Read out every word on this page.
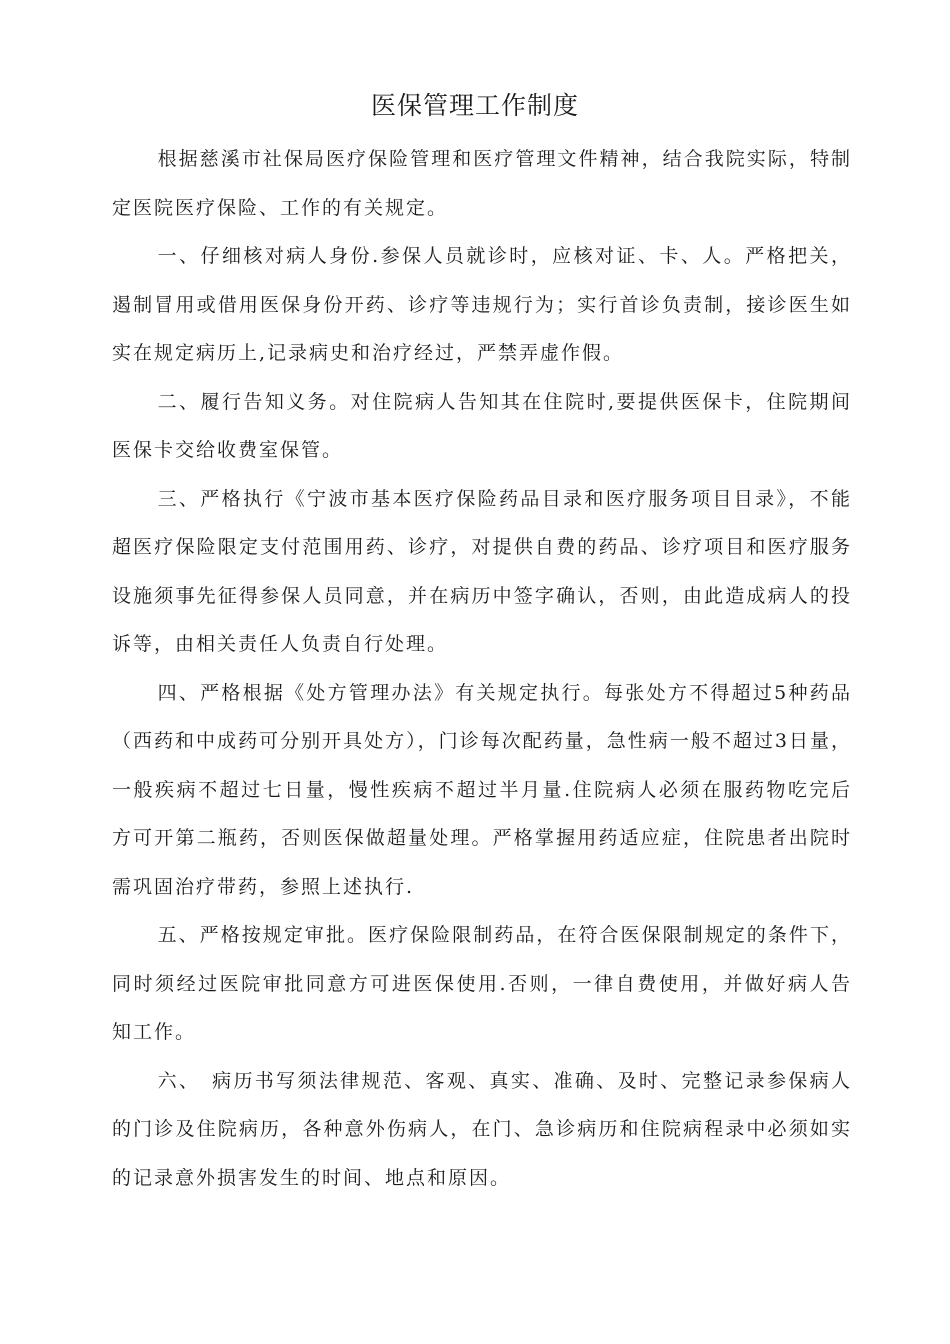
医保管理工作制度

根据慈溪市社保局医疗保险管理和医疗管理文件精神，结合我院实际，特制定医院医疗保险、工作的有关规定。

一、仔细核对病人身份.参保人员就诊时，应核对证、卡、人。严格把关，遏制冒用或借用医保身份开药、诊疗等违规行为；实行首诊负责制，接诊医生如实在规定病历上,记录病史和治疗经过，严禁弄虚作假。

二、履行告知义务。对住院病人告知其在住院时,要提供医保卡，住院期间医保卡交给收费室保管。

三、严格执行《宁波市基本医疗保险药品目录和医疗服务项目目录》，不能超医疗保险限定支付范围用药、诊疗，对提供自费的药品、诊疗项目和医疗服务设施须事先征得参保人员同意，并在病历中签字确认，否则，由此造成病人的投诉等，由相关责任人负责自行处理。

四、严格根据《处方管理办法》有关规定执行。每张处方不得超过5种药品（西药和中成药可分别开具处方），门诊每次配药量，急性病一般不超过3日量，一般疾病不超过七日量，慢性疾病不超过半月量.住院病人必须在服药物吃完后方可开第二瓶药，否则医保做超量处理。严格掌握用药适应症，住院患者出院时需巩固治疗带药，参照上述执行.

五、严格按规定审批。医疗保险限制药品，在符合医保限制规定的条件下，同时须经过医院审批同意方可进医保使用.否则，一律自费使用，并做好病人告知工作。

六、　病历书写须法律规范、客观、真实、准确、及时、完整记录参保病人的门诊及住院病历，各种意外伤病人，在门、急诊病历和住院病程录中必须如实的记录意外损害发生的时间、地点和原因。
